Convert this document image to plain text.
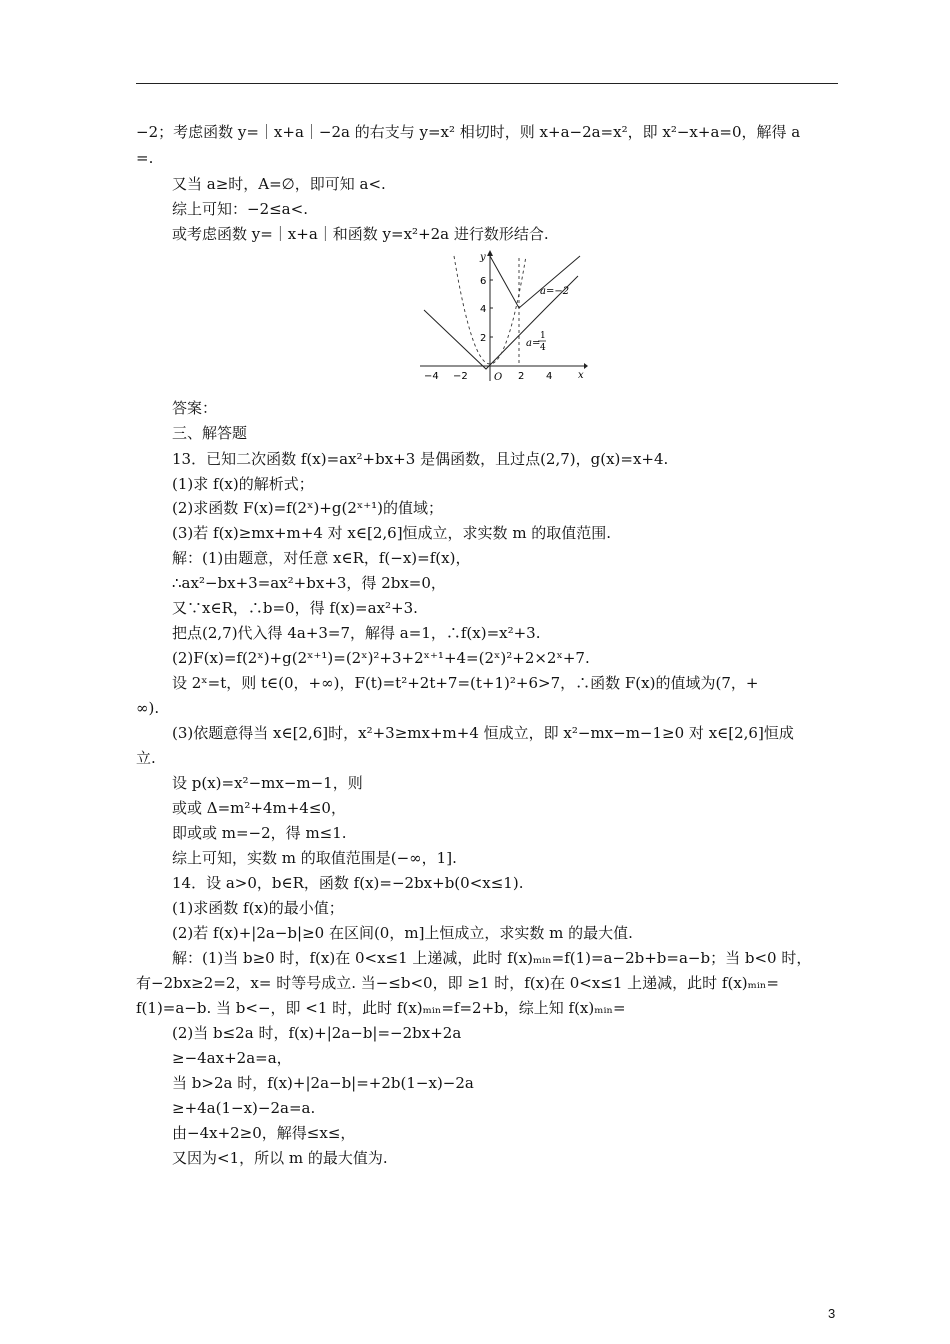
−2；考虑函数 y=｜x+a｜−2a 的右支与 y=x² 相切时，则 x+a−2a=x²，即 x²−x+a=0，解得 a
=.
又当 a≥时，A=∅，即可知 a<.
综上可知：−2≤a<.
或考虑函数 y=｜x+a｜和函数 y=x²+2a 进行数形结合.
y
x
O
6
4
2
−4 −2	2 4
a=−2
a=
1
4
答案：
三、解答题
13．已知二次函数 f(x)=ax²+bx+3 是偶函数，且过点(2,7)，g(x)=x+4.
(1)求 f(x)的解析式；
(2)求函数 F(x)=f(2ˣ)+g(2ˣ⁺¹)的值域；
(3)若 f(x)≥mx+m+4 对 x∈[2,6]恒成立，求实数 m 的取值范围.
解：(1)由题意，对任意 x∈R，f(−x)=f(x)，
∴ax²−bx+3=ax²+bx+3，得 2bx=0，
又∵x∈R，∴b=0，得 f(x)=ax²+3.
把点(2,7)代入得 4a+3=7，解得 a=1，∴f(x)=x²+3.
(2)F(x)=f(2ˣ)+g(2ˣ⁺¹)=(2ˣ)²+3+2ˣ⁺¹+4=(2ˣ)²+2×2ˣ+7.
设 2ˣ=t，则 t∈(0，+∞)，F(t)=t²+2t+7=(t+1)²+6>7，∴函数 F(x)的值域为(7，+
∞).
(3)依题意得当 x∈[2,6]时，x²+3≥mx+m+4 恒成立，即 x²−mx−m−1≥0 对 x∈[2,6]恒成
立.
设 p(x)=x²−mx−m−1，则
或或 Δ=m²+4m+4≤0，
即或或 m=−2，得 m≤1.
综上可知，实数 m 的取值范围是(−∞，1].
14．设 a>0，b∈R，函数 f(x)=−2bx+b(0<x≤1).
(1)求函数 f(x)的最小值；
(2)若 f(x)+|2a−b|≥0 在区间(0，m]上恒成立，求实数 m 的最大值.
解：(1)当 b≥0 时，f(x)在 0<x≤1 上递减，此时 f(x)ₘᵢₙ=f(1)=a−2b+b=a−b；当 b<0 时，
有−2bx≥2=2，x= 时等号成立. 当−≤b<0，即 ≥1 时，f(x)在 0<x≤1 上递减，此时 f(x)ₘᵢₙ=
f(1)=a−b. 当 b<−，即 <1 时，此时 f(x)ₘᵢₙ=f=2+b，综上知 f(x)ₘᵢₙ=
(2)当 b≤2a 时，f(x)+|2a−b|=−2bx+2a
≥−4ax+2a=a，
当 b>2a 时，f(x)+|2a−b|=+2b(1−x)−2a
≥+4a(1−x)−2a=a.
由−4x+2≥0，解得≤x≤，
又因为<1，所以 m 的最大值为.
3
